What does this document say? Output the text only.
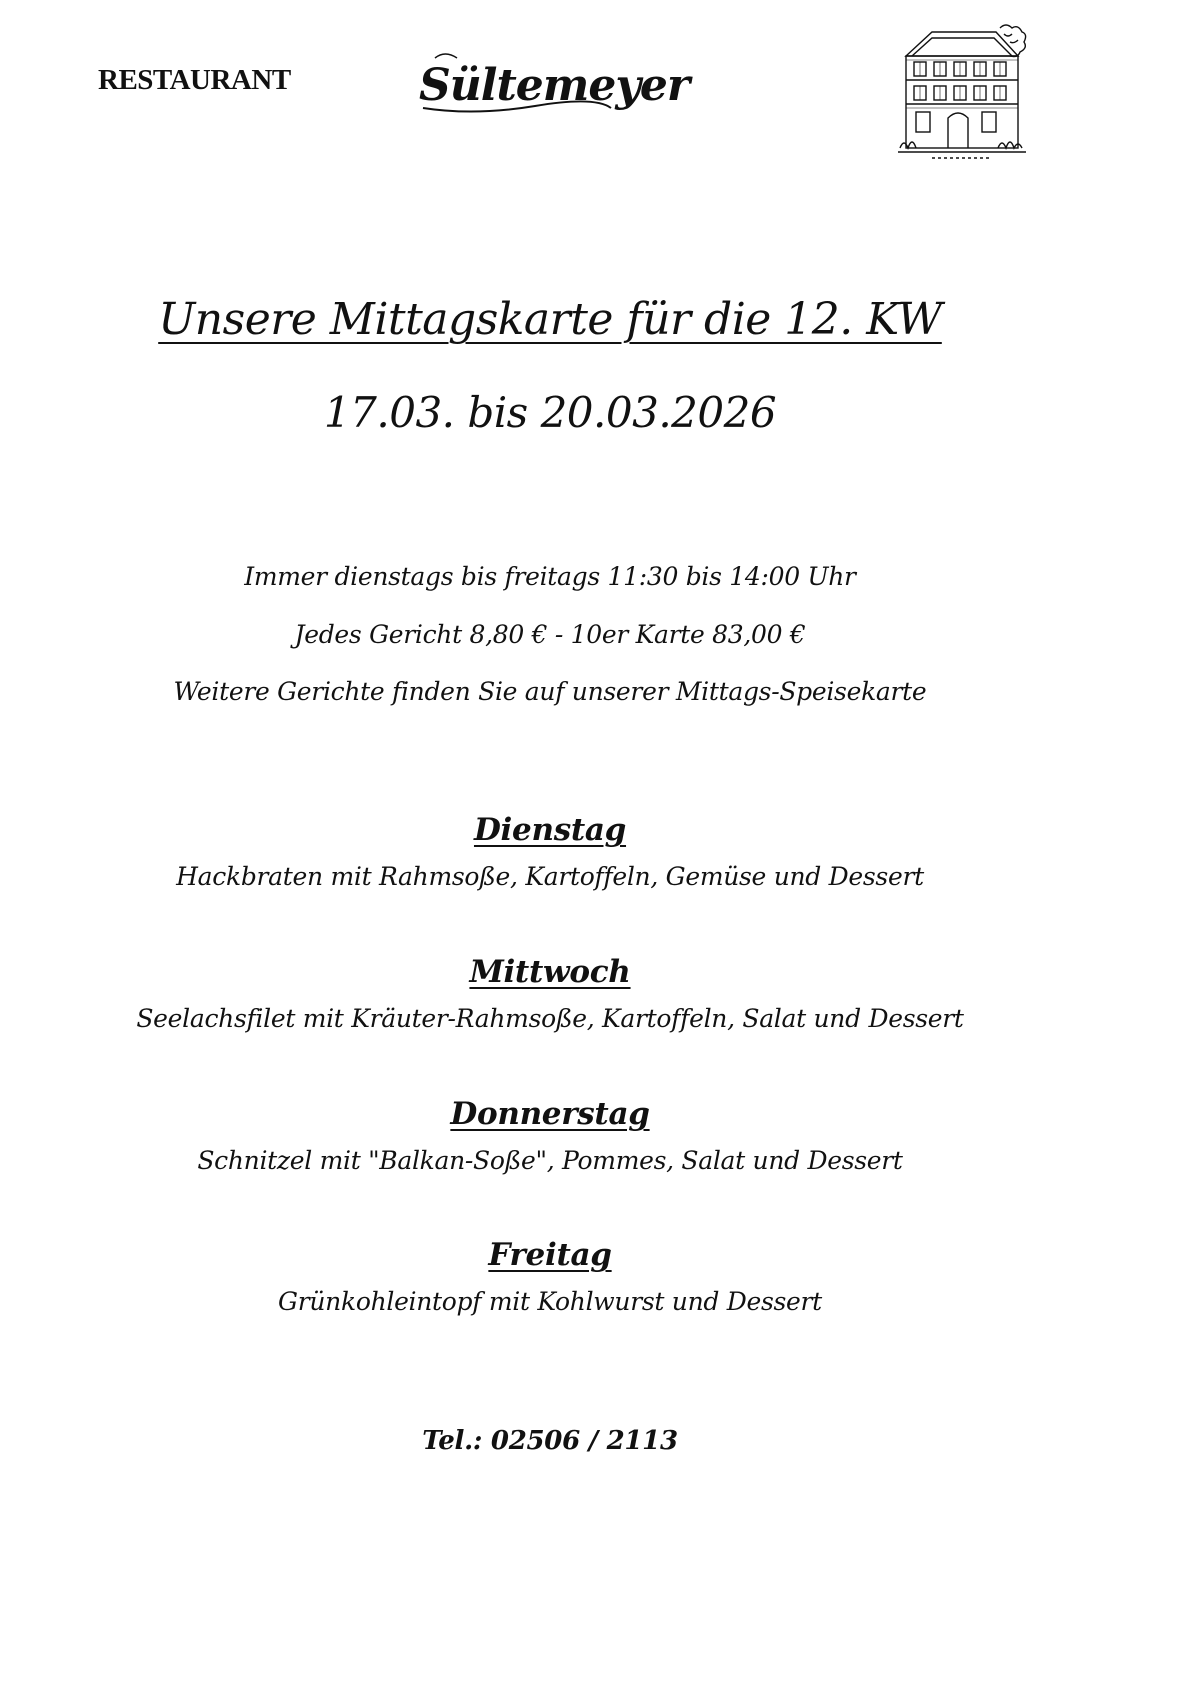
RESTAURANT	Sültemeyer
Unsere Mittagskarte für die 12. KW
17.03. bis 20.03.2026
Immer dienstags bis freitags 11:30 bis 14:00 Uhr
Jedes Gericht 8,80 € - 10er Karte 83,00 €
Weitere Gerichte finden Sie auf unserer Mittags-Speisekarte
Dienstag
Hackbraten mit Rahmsoße, Kartoffeln, Gemüse und Dessert
Mittwoch
Seelachsfilet mit Kräuter-Rahmsoße, Kartoffeln, Salat und Dessert
Donnerstag
Schnitzel mit "Balkan-Soße", Pommes, Salat und Dessert
Freitag
Grünkohleintopf mit Kohlwurst und Dessert
Tel.: 02506 / 2113
